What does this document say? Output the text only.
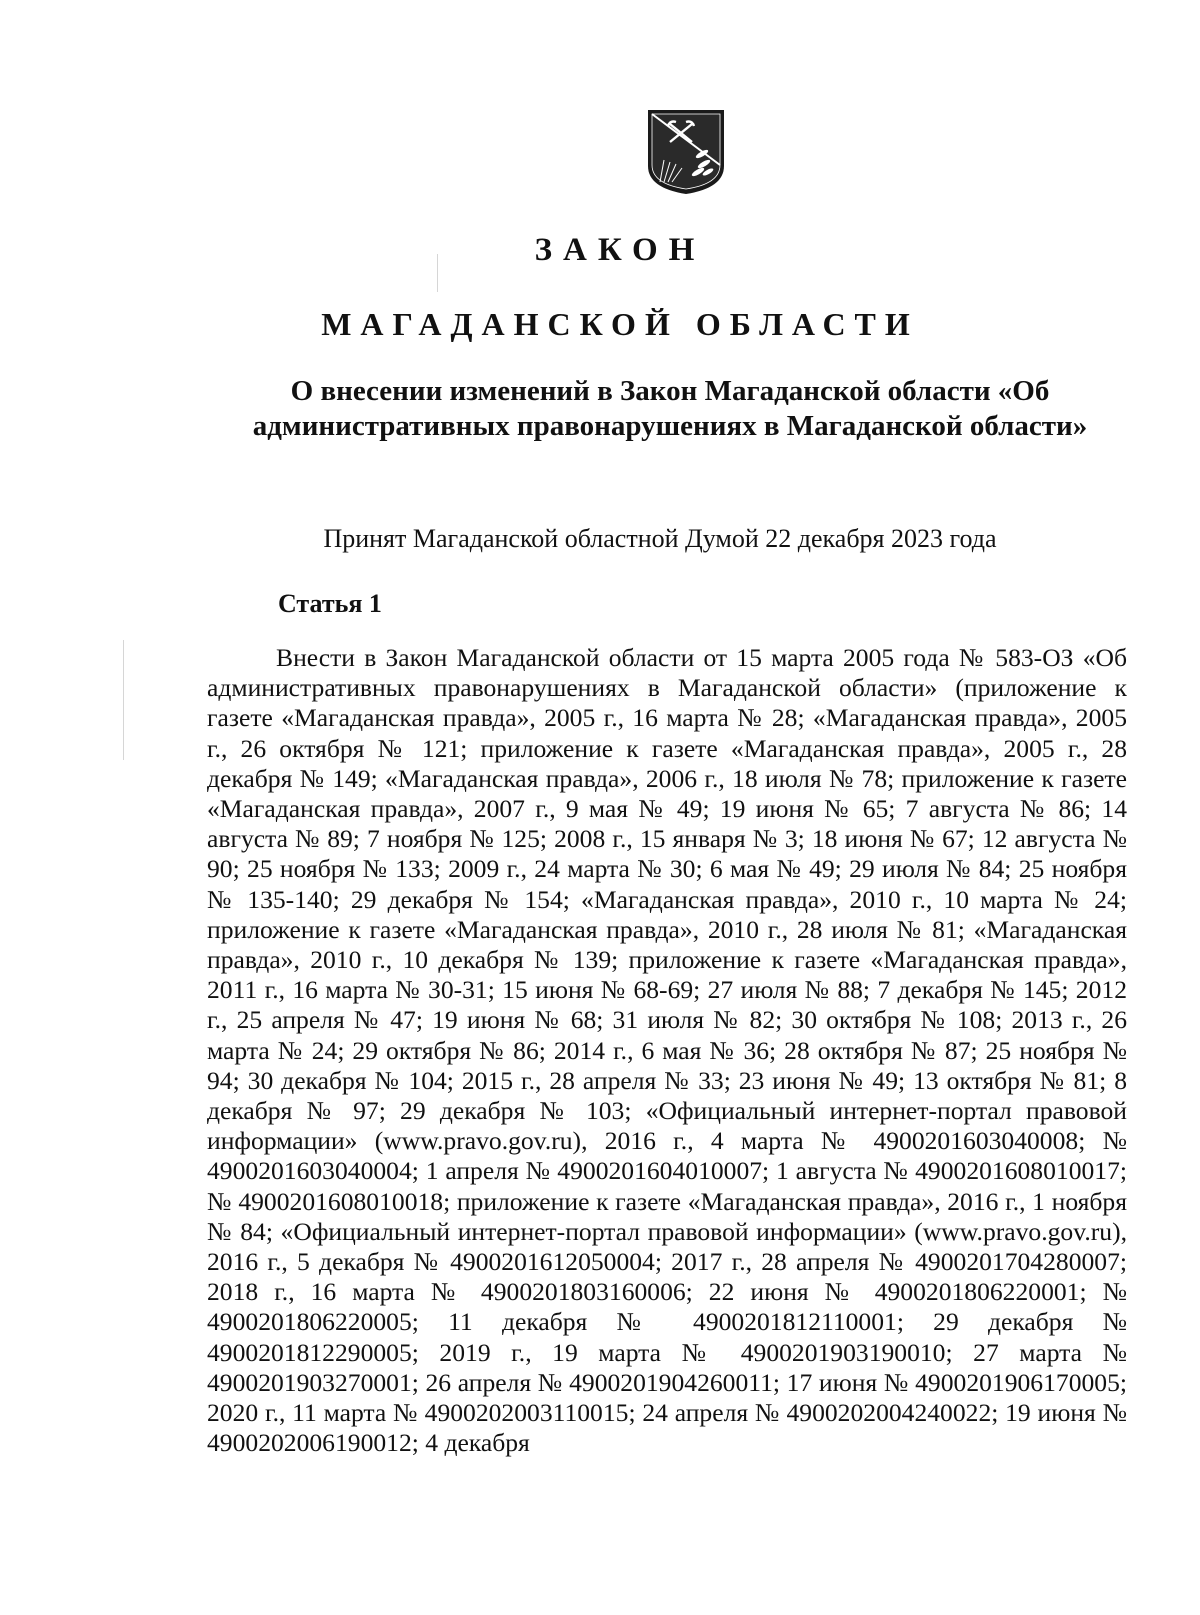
ЗАКОН
МАГАДАНСКОЙ ОБЛАСТИ

О внесении изменений в Закон Магаданской области «Об административных правонарушениях в Магаданской области»

Принят Магаданской областной Думой 22 декабря 2023 года

Статья 1

Внести в Закон Магаданской области от 15 марта 2005 года № 583-ОЗ «Об административных правонарушениях в Магаданской области» (приложение к газете «Магаданская правда», 2005 г., 16 марта № 28; «Магаданская правда», 2005 г., 26 октября № 121; приложение к газете «Магаданская правда», 2005 г., 28 декабря № 149; «Магаданская правда», 2006 г., 18 июля № 78; приложение к газете «Магаданская правда», 2007 г., 9 мая № 49; 19 июня № 65; 7 августа № 86; 14 августа № 89; 7 ноября № 125; 2008 г., 15 января № 3; 18 июня № 67; 12 августа № 90; 25 ноября № 133; 2009 г., 24 марта № 30; 6 мая № 49; 29 июля № 84; 25 ноября № 135-140; 29 декабря № 154; «Магаданская правда», 2010 г., 10 марта № 24; приложение к газете «Магаданская правда», 2010 г., 28 июля № 81; «Магаданская правда», 2010 г., 10 декабря № 139; приложение к газете «Магаданская правда», 2011 г., 16 марта № 30-31; 15 июня № 68-69; 27 июля № 88; 7 декабря № 145; 2012 г., 25 апреля № 47; 19 июня № 68; 31 июля № 82; 30 октября № 108; 2013 г., 26 марта № 24; 29 октября № 86; 2014 г., 6 мая № 36; 28 октября № 87; 25 ноября № 94; 30 декабря № 104; 2015 г., 28 апреля № 33; 23 июня № 49; 13 октября № 81; 8 декабря № 97; 29 декабря № 103; «Официальный интернет-портал правовой информации» (www.pravo.gov.ru), 2016 г., 4 марта № 4900201603040008; № 4900201603040004; 1 апреля № 4900201604010007; 1 августа № 4900201608010017; № 4900201608010018; приложение к газете «Магаданская правда», 2016 г., 1 ноября № 84; «Официальный интернет-портал правовой информации» (www.pravo.gov.ru), 2016 г., 5 декабря № 4900201612050004; 2017 г., 28 апреля № 4900201704280007; 2018 г., 16 марта № 4900201803160006; 22 июня № 4900201806220001; № 4900201806220005; 11 декабря № 4900201812110001; 29 декабря № 4900201812290005; 2019 г., 19 марта № 4900201903190010; 27 марта № 4900201903270001; 26 апреля № 4900201904260011; 17 июня № 4900201906170005; 2020 г., 11 марта № 4900202003110015; 24 апреля № 4900202004240022; 19 июня № 4900202006190012; 4 декабря
